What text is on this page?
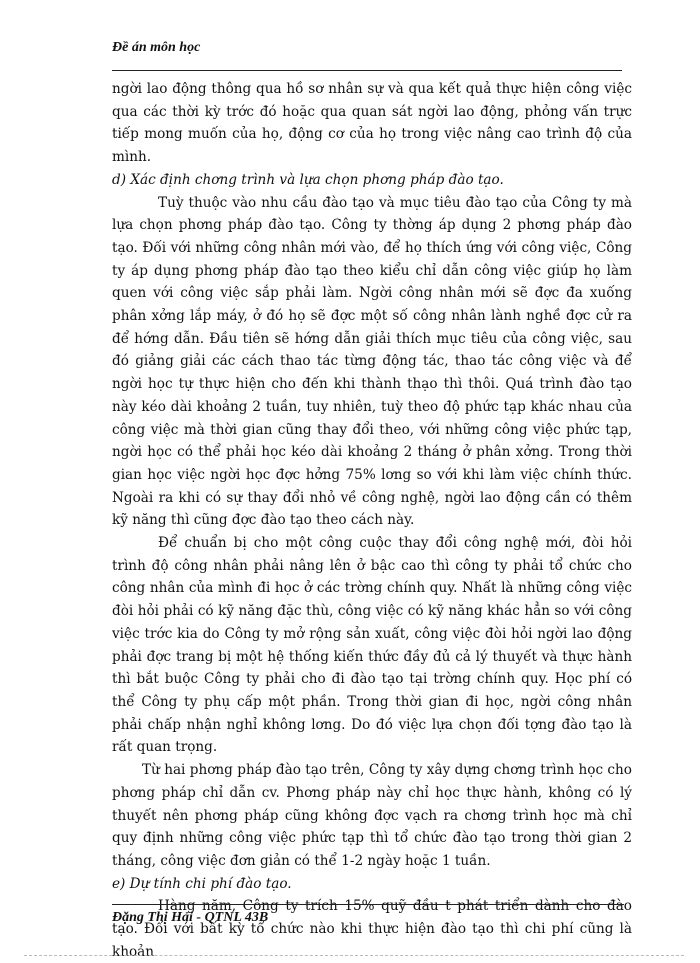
Đề án môn học

ngời lao động thông qua hồ sơ nhân sự và qua kết quả thực hiện công việc qua các thời kỳ trớc đó hoặc qua quan sát ngời lao động, phỏng vấn trực tiếp mong muốn của họ, động cơ của họ trong việc nâng cao trình độ của mình.

d) Xác định chơng trình và lựa chọn phơng pháp đào tạo.

Tuỳ thuộc vào nhu cầu đào tạo và mục tiêu đào tạo của Công ty mà lựa chọn phơng pháp đào tạo. Công ty thờng áp dụng 2 phơng pháp đào tạo. Đối với những công nhân mới vào, để họ thích ứng với công việc, Công ty áp dụng phơng pháp đào tạo theo kiểu chỉ dẫn công việc giúp họ làm quen với công việc sắp phải làm. Ngời công nhân mới sẽ đợc đa xuống phân xởng lắp máy, ở đó họ sẽ đợc một số công nhân lành nghề đợc cử ra để hớng dẫn. Đầu tiên sẽ hớng dẫn giải thích mục tiêu của công việc, sau đó giảng giải các cách thao tác từng động tác, thao tác công việc và để ngời học tự thực hiện cho đến khi thành thạo thì thôi. Quá trình đào tạo này kéo dài khoảng 2 tuần, tuy nhiên, tuỳ theo độ phức tạp khác nhau của công việc mà thời gian cũng thay đổi theo, với những công việc phức tạp, ngời học có thể phải học kéo dài khoảng 2 tháng ở phân xởng. Trong thời gian học việc ngời học đợc hởng 75% lơng so với khi làm việc chính thức. Ngoài ra khi có sự thay đổi nhỏ về công nghệ, ngời lao động cần có thêm kỹ năng thì cũng đợc đào tạo theo cách này.

Để chuẩn bị cho một công cuộc thay đổi công nghệ mới, đòi hỏi trình độ công nhân phải nâng lên ở bậc cao thì công ty phải tổ chức cho công nhân của mình đi học ở các trờng chính quy. Nhất là những công việc đòi hỏi phải có kỹ năng đặc thù, công việc có kỹ năng khác hẳn so với công việc trớc kia do Công ty mở rộng sản xuất, công việc đòi hỏi ngời lao động phải đợc trang bị một hệ thống kiến thức đầy đủ cả lý thuyết và thực hành thì bắt buộc Công ty phải cho đi đào tạo tại trờng chính quy. Học phí có thể Công ty phụ cấp một phần. Trong thời gian đi học, ngời công nhân phải chấp nhận nghỉ không lơng. Do đó việc lựa chọn đối tợng đào tạo là rất quan trọng.

Từ hai phơng pháp đào tạo trên, Công ty xây dựng chơng trình học cho phơng pháp chỉ dẫn cv. Phơng pháp này chỉ học thực hành, không có lý thuyết nên phơng pháp cũng không đợc vạch ra chơng trình học mà chỉ quy định những công việc phức tạp thì tổ chức đào tạo trong thời gian 2 tháng, công việc đơn giản có thể 1-2 ngày hoặc 1 tuần.

e) Dự tính chi phí đào tạo.

Hàng năm, Công ty trích 15% quỹ đầu t phát triển dành cho đào tạo. Đối với bất kỳ tổ chức nào khi thực hiện đào tạo thì chi phí cũng là khoản

Đặng Thị Hải - QTNL 43B
